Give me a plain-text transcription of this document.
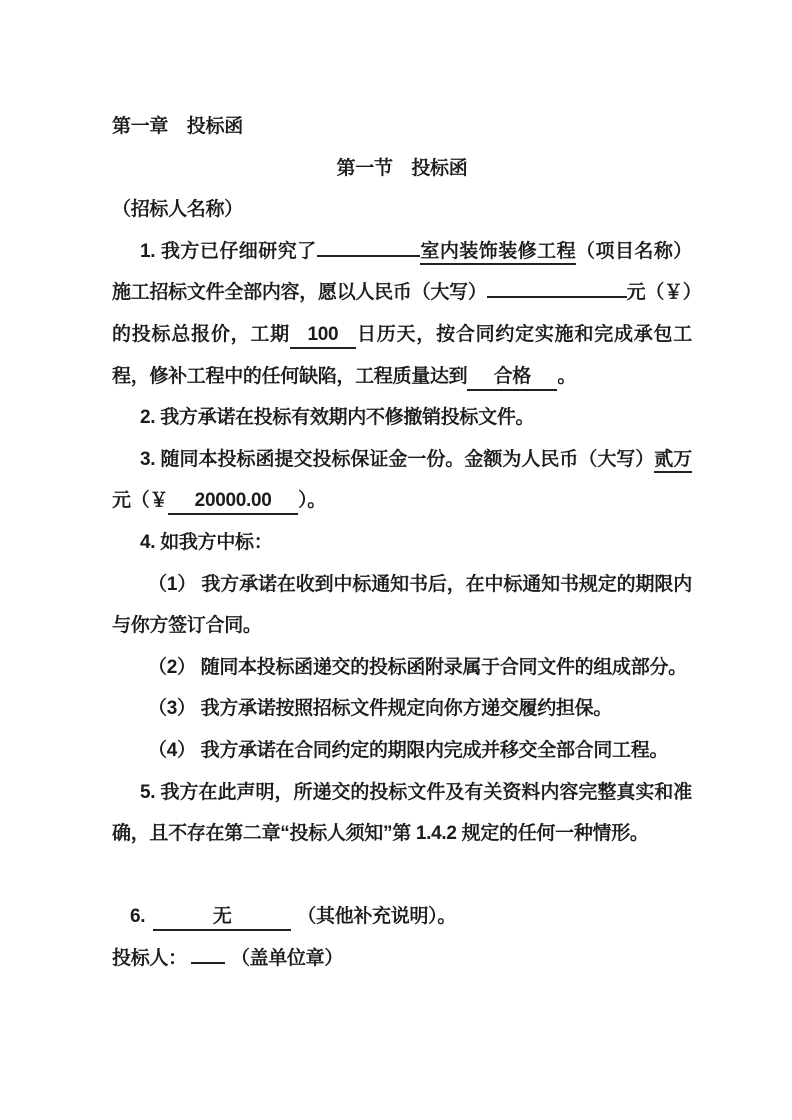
第一章　投标函

第一节　投标函

（招标人名称）

1. 我方已仔细研究了	室内装饰装修工程（项目名称）施工招标文件全部内容，愿以人民币（大写）	元（￥）的投标总报价，工期 100 日历天，按合同约定实施和完成承包工程，修补工程中的任何缺陷，工程质量达到 合格 。

2. 我方承诺在投标有效期内不修撤销投标文件。

3. 随同本投标函提交投标保证金一份。金额为人民币（大写）贰万 元（￥ 20000.00 ）。

4. 如我方中标：

（1） 我方承诺在收到中标通知书后，在中标通知书规定的期限内与你方签订合同。

（2） 随同本投标函递交的投标函附录属于合同文件的组成部分。

（3） 我方承诺按照招标文件规定向你方递交履约担保。

（4） 我方承诺在合同约定的期限内完成并移交全部合同工程。

5. 我方在此声明，所递交的投标文件及有关资料内容完整真实和准确，且不存在第二章“投标人须知”第 1.4.2 规定的任何一种情形。

6.	无	（其他补充说明）。

投标人： （盖单位章）
